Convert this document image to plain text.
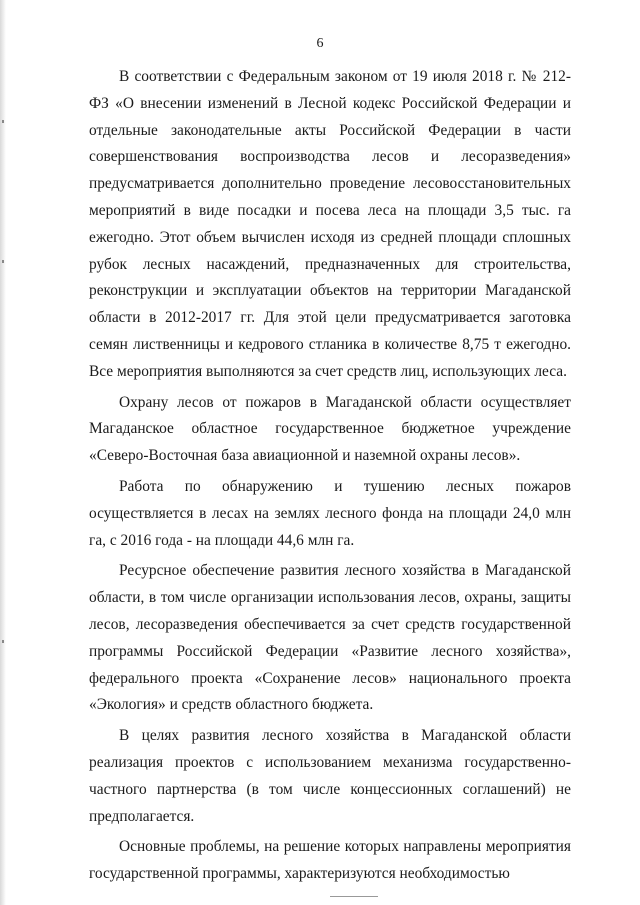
6

В соответствии с Федеральным законом от 19 июля 2018 г. № 212-ФЗ «О внесении изменений в Лесной кодекс Российской Федерации и отдельные законодательные акты Российской Федерации в части совершенствования воспроизводства лесов и лесоразведения» предусматривается дополнительно проведение лесовосстановительных мероприятий в виде посадки и посева леса на площади 3,5 тыс. га ежегодно. Этот объем вычислен исходя из средней площади сплошных рубок лесных насаждений, предназначенных для строительства, реконструкции и эксплуатации объектов на территории Магаданской области в 2012-2017 гг. Для этой цели предусматривается заготовка семян лиственницы и кедрового стланика в количестве 8,75 т ежегодно. Все мероприятия выполняются за счет средств лиц, использующих леса.

Охрану лесов от пожаров в Магаданской области осуществляет Магаданское областное государственное бюджетное учреждение «Северо-Восточная база авиационной и наземной охраны лесов».

Работа по обнаружению и тушению лесных пожаров осуществляется в лесах на землях лесного фонда на площади 24,0 млн га, с 2016 года - на площади 44,6 млн га.

Ресурсное обеспечение развития лесного хозяйства в Магаданской области, в том числе организации использования лесов, охраны, защиты лесов, лесоразведения обеспечивается за счет средств государственной программы Российской Федерации «Развитие лесного хозяйства», федерального проекта «Сохранение лесов» национального проекта «Экология» и средств областного бюджета.

В целях развития лесного хозяйства в Магаданской области реализация проектов с использованием механизма государственно-частного партнерства (в том числе концессионных соглашений) не предполагается.

Основные проблемы, на решение которых направлены мероприятия государственной программы, характеризуются необходимостью
